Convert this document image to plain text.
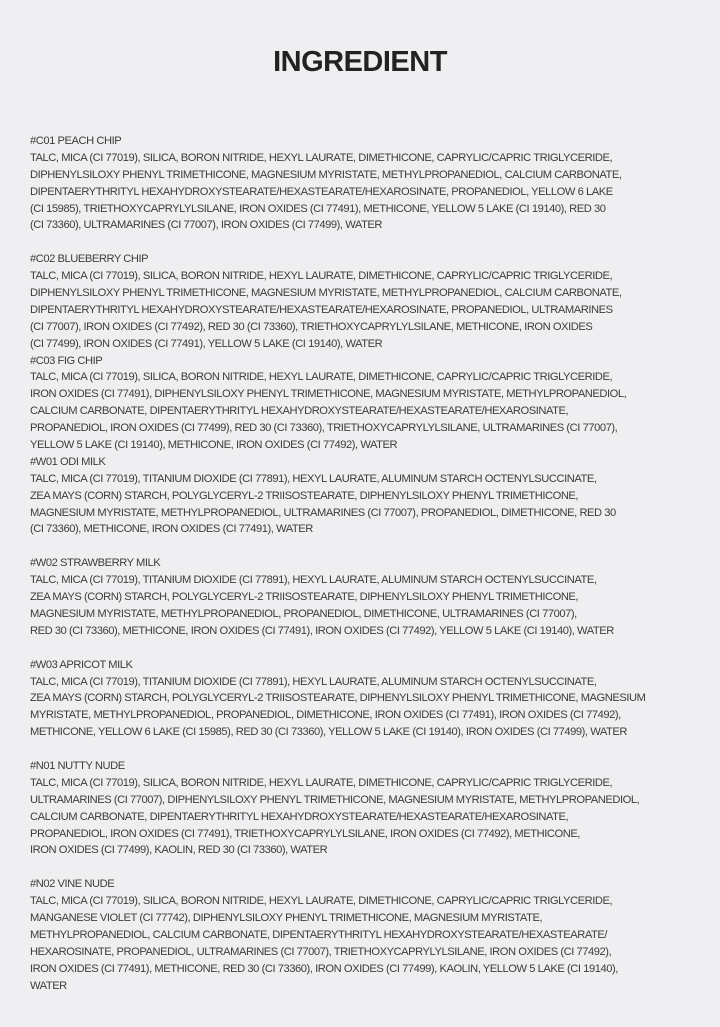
INGREDIENT
#C01 PEACH CHIP
TALC, MICA (CI 77019), SILICA, BORON NITRIDE, HEXYL LAURATE, DIMETHICONE, CAPRYLIC/CAPRIC TRIGLYCERIDE,
DIPHENYLSILOXY PHENYL TRIMETHICONE, MAGNESIUM MYRISTATE, METHYLPROPANEDIOL, CALCIUM CARBONATE,
DIPENTAERYTHRITYL HEXAHYDROXYSTEARATE/HEXASTEARATE/HEXAROSINATE, PROPANEDIOL, YELLOW 6 LAKE
(CI 15985), TRIETHOXYCAPRYLYLSILANE, IRON OXIDES (CI 77491), METHICONE, YELLOW 5 LAKE (CI 19140), RED 30
(CI 73360), ULTRAMARINES (CI 77007), IRON OXIDES (CI 77499), WATER
#C02 BLUEBERRY CHIP
TALC, MICA (CI 77019), SILICA, BORON NITRIDE, HEXYL LAURATE, DIMETHICONE, CAPRYLIC/CAPRIC TRIGLYCERIDE,
DIPHENYLSILOXY PHENYL TRIMETHICONE, MAGNESIUM MYRISTATE, METHYLPROPANEDIOL, CALCIUM CARBONATE,
DIPENTAERYTHRITYL HEXAHYDROXYSTEARATE/HEXASTEARATE/HEXAROSINATE, PROPANEDIOL, ULTRAMARINES
(CI 77007), IRON OXIDES (CI 77492), RED 30 (CI 73360), TRIETHOXYCAPRYLYLSILANE, METHICONE, IRON OXIDES
(CI 77499), IRON OXIDES (CI 77491), YELLOW 5 LAKE (CI 19140), WATER
#C03 FIG CHIP
TALC, MICA (CI 77019), SILICA, BORON NITRIDE, HEXYL LAURATE, DIMETHICONE, CAPRYLIC/CAPRIC TRIGLYCERIDE,
IRON OXIDES (CI 77491), DIPHENYLSILOXY PHENYL TRIMETHICONE, MAGNESIUM MYRISTATE, METHYLPROPANEDIOL,
CALCIUM CARBONATE, DIPENTAERYTHRITYL HEXAHYDROXYSTEARATE/HEXASTEARATE/HEXAROSINATE,
PROPANEDIOL, IRON OXIDES (CI 77499), RED 30 (CI 73360), TRIETHOXYCAPRYLYLSILANE, ULTRAMARINES (CI 77007),
YELLOW 5 LAKE (CI 19140), METHICONE, IRON OXIDES (CI 77492), WATER
#W01 ODI MILK
TALC, MICA (CI 77019), TITANIUM DIOXIDE (CI 77891), HEXYL LAURATE, ALUMINUM STARCH OCTENYLSUCCINATE,
ZEA MAYS (CORN) STARCH, POLYGLYCERYL-2 TRIISOSTEARATE, DIPHENYLSILOXY PHENYL TRIMETHICONE,
MAGNESIUM MYRISTATE, METHYLPROPANEDIOL, ULTRAMARINES (CI 77007), PROPANEDIOL, DIMETHICONE, RED 30
(CI 73360), METHICONE, IRON OXIDES (CI 77491), WATER
#W02 STRAWBERRY MILK
TALC, MICA (CI 77019), TITANIUM DIOXIDE (CI 77891), HEXYL LAURATE, ALUMINUM STARCH OCTENYLSUCCINATE,
ZEA MAYS (CORN) STARCH, POLYGLYCERYL-2 TRIISOSTEARATE, DIPHENYLSILOXY PHENYL TRIMETHICONE,
MAGNESIUM MYRISTATE, METHYLPROPANEDIOL, PROPANEDIOL, DIMETHICONE, ULTRAMARINES (CI 77007),
RED 30 (CI 73360), METHICONE, IRON OXIDES (CI 77491), IRON OXIDES (CI 77492), YELLOW 5 LAKE (CI 19140), WATER
#W03 APRICOT MILK
TALC, MICA (CI 77019), TITANIUM DIOXIDE (CI 77891), HEXYL LAURATE, ALUMINUM STARCH OCTENYLSUCCINATE,
ZEA MAYS (CORN) STARCH, POLYGLYCERYL-2 TRIISOSTEARATE, DIPHENYLSILOXY PHENYL TRIMETHICONE, MAGNESIUM
MYRISTATE, METHYLPROPANEDIOL, PROPANEDIOL, DIMETHICONE, IRON OXIDES (CI 77491), IRON OXIDES (CI 77492),
METHICONE, YELLOW 6 LAKE (CI 15985), RED 30 (CI 73360), YELLOW 5 LAKE (CI 19140), IRON OXIDES (CI 77499), WATER
#N01 NUTTY NUDE
TALC, MICA (CI 77019), SILICA, BORON NITRIDE, HEXYL LAURATE, DIMETHICONE, CAPRYLIC/CAPRIC TRIGLYCERIDE,
ULTRAMARINES (CI 77007), DIPHENYLSILOXY PHENYL TRIMETHICONE, MAGNESIUM MYRISTATE, METHYLPROPANEDIOL,
CALCIUM CARBONATE, DIPENTAERYTHRITYL HEXAHYDROXYSTEARATE/HEXASTEARATE/HEXAROSINATE,
PROPANEDIOL, IRON OXIDES (CI 77491), TRIETHOXYCAPRYLYLSILANE, IRON OXIDES (CI 77492), METHICONE,
IRON OXIDES (CI 77499), KAOLIN, RED 30 (CI 73360), WATER
#N02 VINE NUDE
TALC, MICA (CI 77019), SILICA, BORON NITRIDE, HEXYL LAURATE, DIMETHICONE, CAPRYLIC/CAPRIC TRIGLYCERIDE,
MANGANESE VIOLET (CI 77742), DIPHENYLSILOXY PHENYL TRIMETHICONE, MAGNESIUM MYRISTATE,
METHYLPROPANEDIOL, CALCIUM CARBONATE, DIPENTAERYTHRITYL HEXAHYDROXYSTEARATE/HEXASTEARATE/
HEXAROSINATE, PROPANEDIOL, ULTRAMARINES (CI 77007), TRIETHOXYCAPRYLYLSILANE, IRON OXIDES (CI 77492),
IRON OXIDES (CI 77491), METHICONE, RED 30 (CI 73360), IRON OXIDES (CI 77499), KAOLIN, YELLOW 5 LAKE (CI 19140),
WATER
